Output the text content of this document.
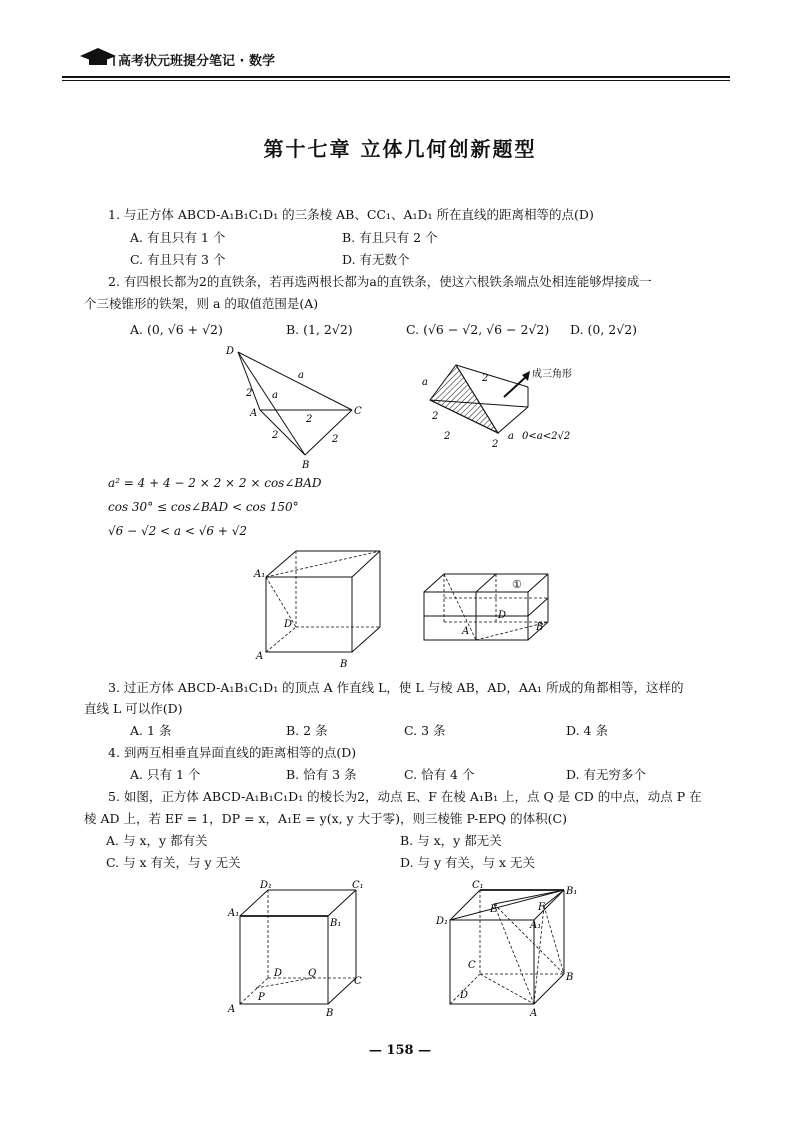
高考状元班提分笔记 · 数学
第十七章 立体几何创新题型
1. 与正方体 ABCD-A₁B₁C₁D₁ 的三条棱 AB、CC₁、A₁D₁ 所在直线的距离相等的点(D)
A. 有且只有 1 个	B. 有且只有 2 个
C. 有且只有 3 个	D. 有无数个
2. 有四根长都为2的直铁条，若再选两根长都为a的直铁条，使这六根铁条端点处相连能够焊接成一
个三棱锥形的铁架，则 a 的取值范围是(A)
A. (0, √6 + √2)	B. (1, 2√2)	C. (√6 − √2, √6 − 2√2) D. (0, 2√2)
D
a
2 a
A	C
2
2	2
B
a	2
2
2
2
a
成三角形
0<a<2√2
a² = 4 + 4 − 2 × 2 × 2 × cos∠BAD
cos 30° ≤ cos∠BAD < cos 150°
√6 − √2 < a < √6 + √2
A₁
D
A
B
①
D
A	B
3. 过正方体 ABCD-A₁B₁C₁D₁ 的顶点 A 作直线 L，使 L 与棱 AB，AD，AA₁ 所成的角都相等，这样的
直线 L 可以作(D)
A. 1 条	B. 2 条	C. 3 条	D. 4 条
4. 到两互相垂直异面直线的距离相等的点(D)
A. 只有 1 个	B. 恰有 3 条	C. 恰有 4 个	D. 有无穷多个
5. 如图，正方体 ABCD-A₁B₁C₁D₁ 的棱长为2，动点 E、F 在棱 A₁B₁ 上，点 Q 是 CD 的中点，动点 P 在
棱 AD 上，若 EF = 1，DP = x，A₁E = y(x, y 大于零)，则三棱锥 P-EPQ 的体积(C)
A. 与 x，y 都有关	B. 与 x，y 都无关
C. 与 x 有关，与 y 无关	D. 与 y 有关，与 x 无关
D₁	C₁
A₁
B₁
D	Q
C
P
A	B
C₁
B₁
E	F
D₁	A₁
C
D
B
A
— 158 —
